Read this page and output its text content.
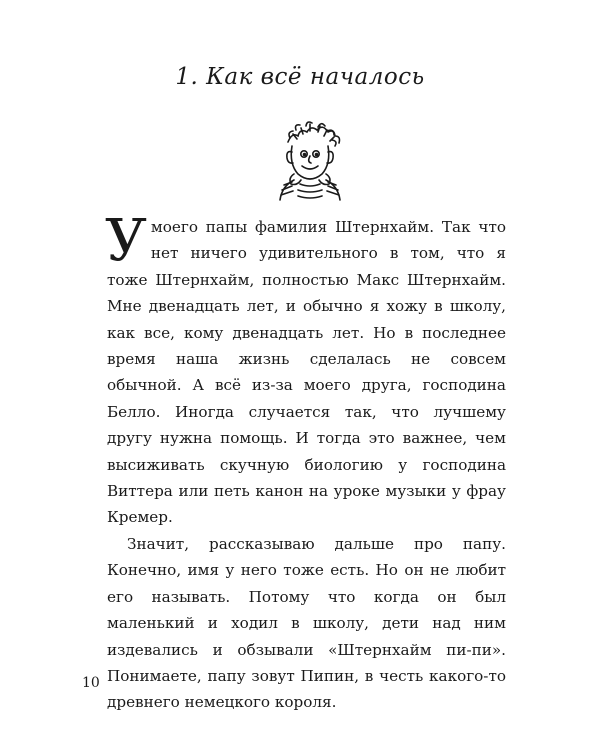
1. Как всё началось

Умоего папы фамилия Штернхайм. Так что нет ничего удивительного в том, что я тоже Штернхайм, полностью Макс Штернхайм. Мне двенадцать лет, и обычно я хожу в школу, как все, кому двенадцать лет. Но в последнее время наша жизнь сделалась не совсем обычной. А всё из-за моего друга, господина Белло. Иногда случается так, что лучшему другу нужна помощь. И тогда это важнее, чем высиживать скучную биологию у господина Виттера или петь канон на уроке музыки у фрау Кремер.

Значит, рассказываю дальше про папу. Конечно, имя у него тоже есть. Но он не любит его называть. Потому что когда он был маленький и ходил в школу, дети над ним издевались и обзывали «Штернхайм пи-пи». Понимаете, папу зовут Пипин, в честь какого-то древнего немецкого короля.

10
